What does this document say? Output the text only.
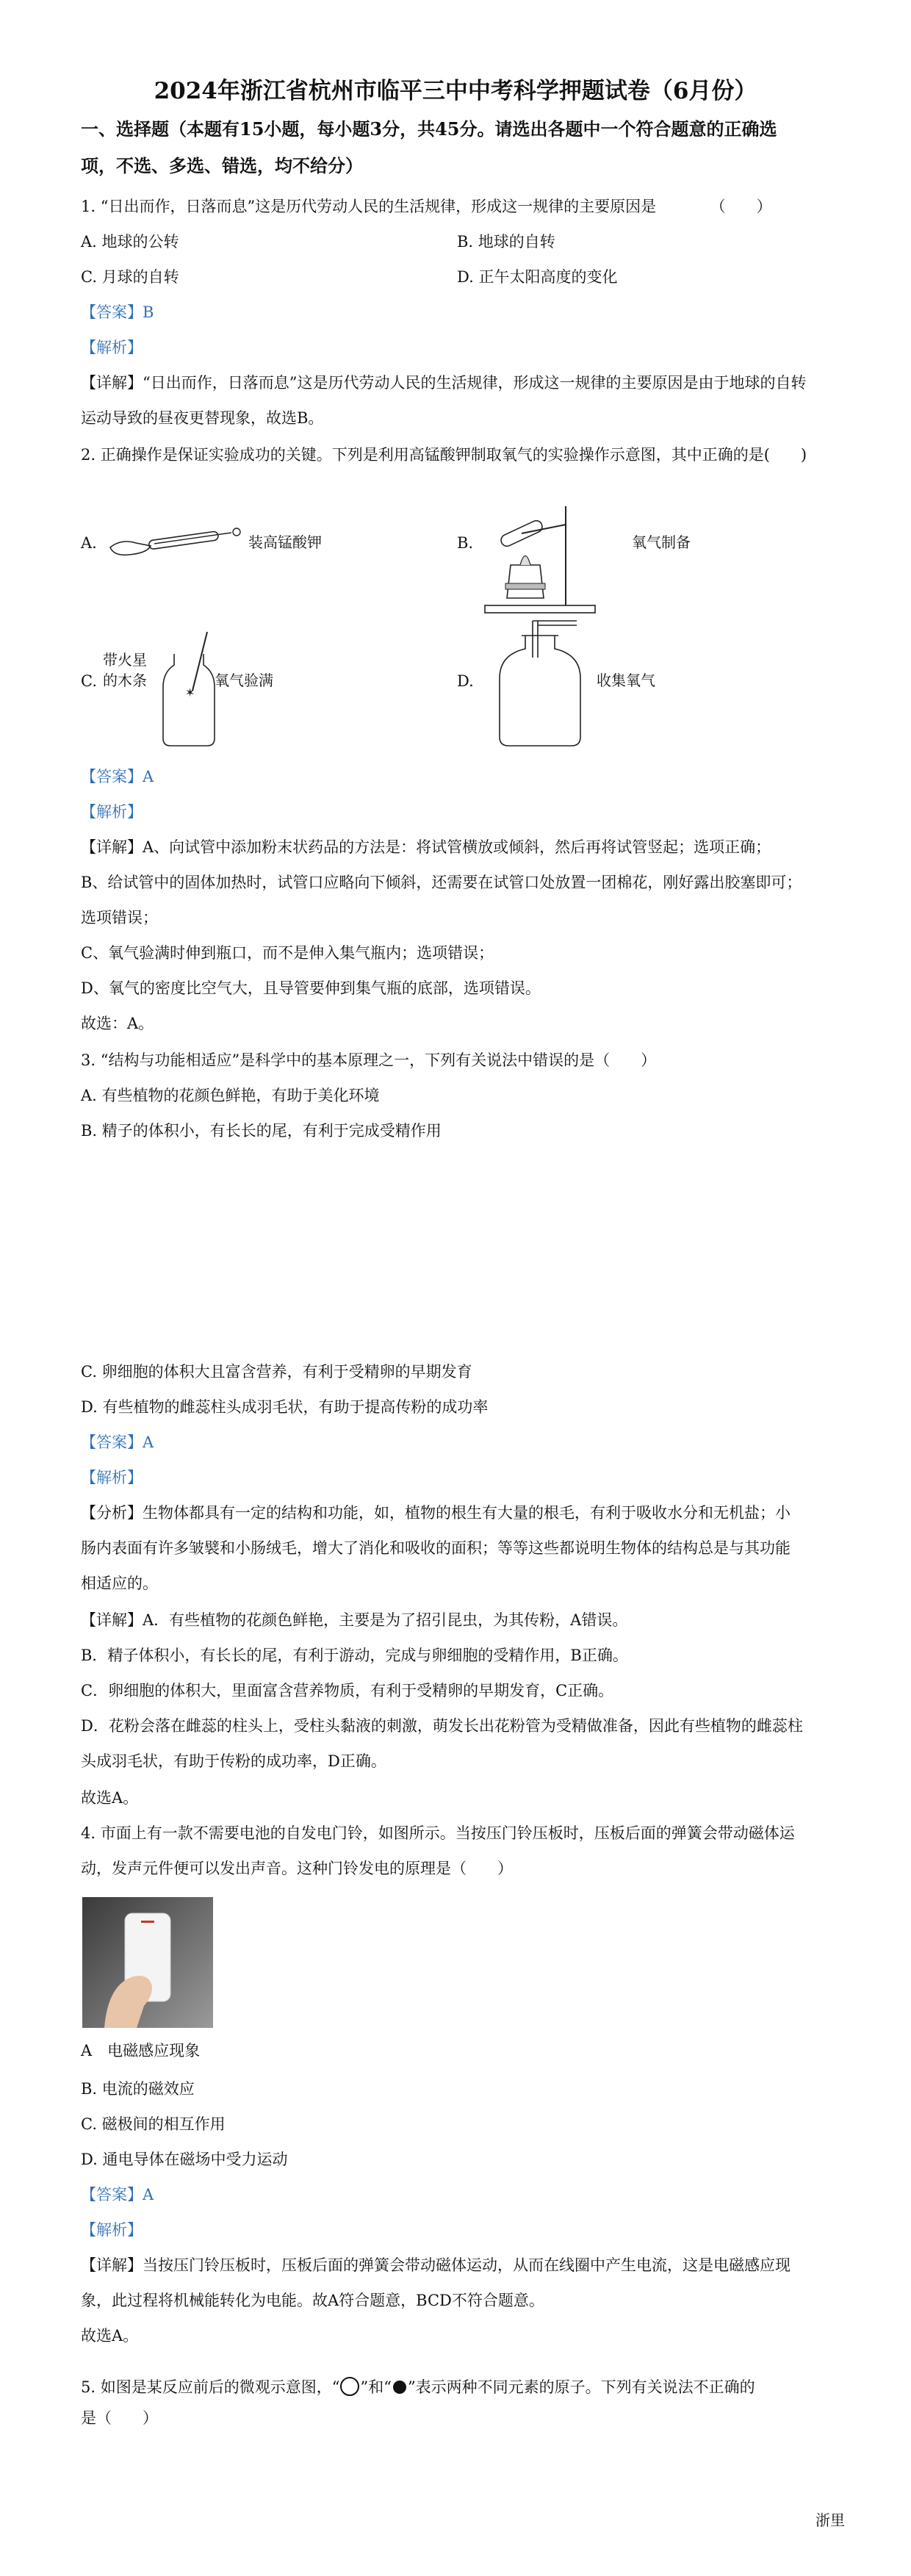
2024年浙江省杭州市临平三中中考科学押题试卷（6月份）
一、选择题（本题有15小题，每小题3分，共45分。请选出各题中一个符合题意的正确选
项，不选、多选、错选，均不给分）
1. “日出而作，日落而息”这是历代劳动人民的生活规律，形成这一规律的主要原因是　　　　（　　）
A. 地球的公转	B. 地球的自转
C. 月球的自转	D. 正午太阳高度的变化
【答案】B
【解析】
【详解】“日出而作，日落而息”这是历代劳动人民的生活规律，形成这一规律的主要原因是由于地球的自转
运动导致的昼夜更替现象，故选B。
2. 正确操作是保证实验成功的关键。下列是利用高锰酸钾制取氧气的实验操作示意图，其中正确的是(　　)
A.	装高锰酸钾	B.	氧气制备
带火星
C. 的木条
✶
氧气验满	D.	收集氧气
【答案】A
【解析】
【详解】A、向试管中添加粉末状药品的方法是：将试管横放或倾斜，然后再将试管竖起；选项正确；
B、给试管中的固体加热时，试管口应略向下倾斜，还需要在试管口处放置一团棉花，刚好露出胶塞即可；
选项错误；
C、氧气验满时伸到瓶口，而不是伸入集气瓶内；选项错误；
D、氧气的密度比空气大，且导管要伸到集气瓶的底部，选项错误。
故选：A。
3. “结构与功能相适应”是科学中的基本原理之一，下列有关说法中错误的是（　　）
A. 有些植物的花颜色鲜艳，有助于美化环境
B. 精子的体积小，有长长的尾，有利于完成受精作用
C. 卵细胞的体积大且富含营养，有利于受精卵的早期发育
D. 有些植物的雌蕊柱头成羽毛状，有助于提高传粉的成功率
【答案】A
【解析】
【分析】生物体都具有一定的结构和功能，如，植物的根生有大量的根毛，有利于吸收水分和无机盐；小
肠内表面有许多皱襞和小肠绒毛，增大了消化和吸收的面积；等等这些都说明生物体的结构总是与其功能
相适应的。
【详解】A．有些植物的花颜色鲜艳，主要是为了招引昆虫，为其传粉，A错误。
B．精子体积小，有长长的尾，有利于游动，完成与卵细胞的受精作用，B正确。
C．卵细胞的体积大，里面富含营养物质，有利于受精卵的早期发育，C正确。
D．花粉会落在雌蕊的柱头上，受柱头黏液的刺激，萌发长出花粉管为受精做准备，因此有些植物的雌蕊柱
头成羽毛状，有助于传粉的成功率，D正确。
故选A。
4. 市面上有一款不需要电池的自发电门铃，如图所示。当按压门铃压板时，压板后面的弹簧会带动磁体运
动，发声元件便可以发出声音。这种门铃发电的原理是（　　）
A　电磁感应现象
B. 电流的磁效应
C. 磁极间的相互作用
D. 通电导体在磁场中受力运动
【答案】A
【解析】
【详解】当按压门铃压板时，压板后面的弹簧会带动磁体运动，从而在线圈中产生电流，这是电磁感应现
象，此过程将机械能转化为电能。故A符合题意，BCD不符合题意。
故选A。
5. 如图是某反应前后的微观示意图，“ ”和“ ”表示两种不同元素的原子。下列有关说法不正确的
是（　　）
浙里
